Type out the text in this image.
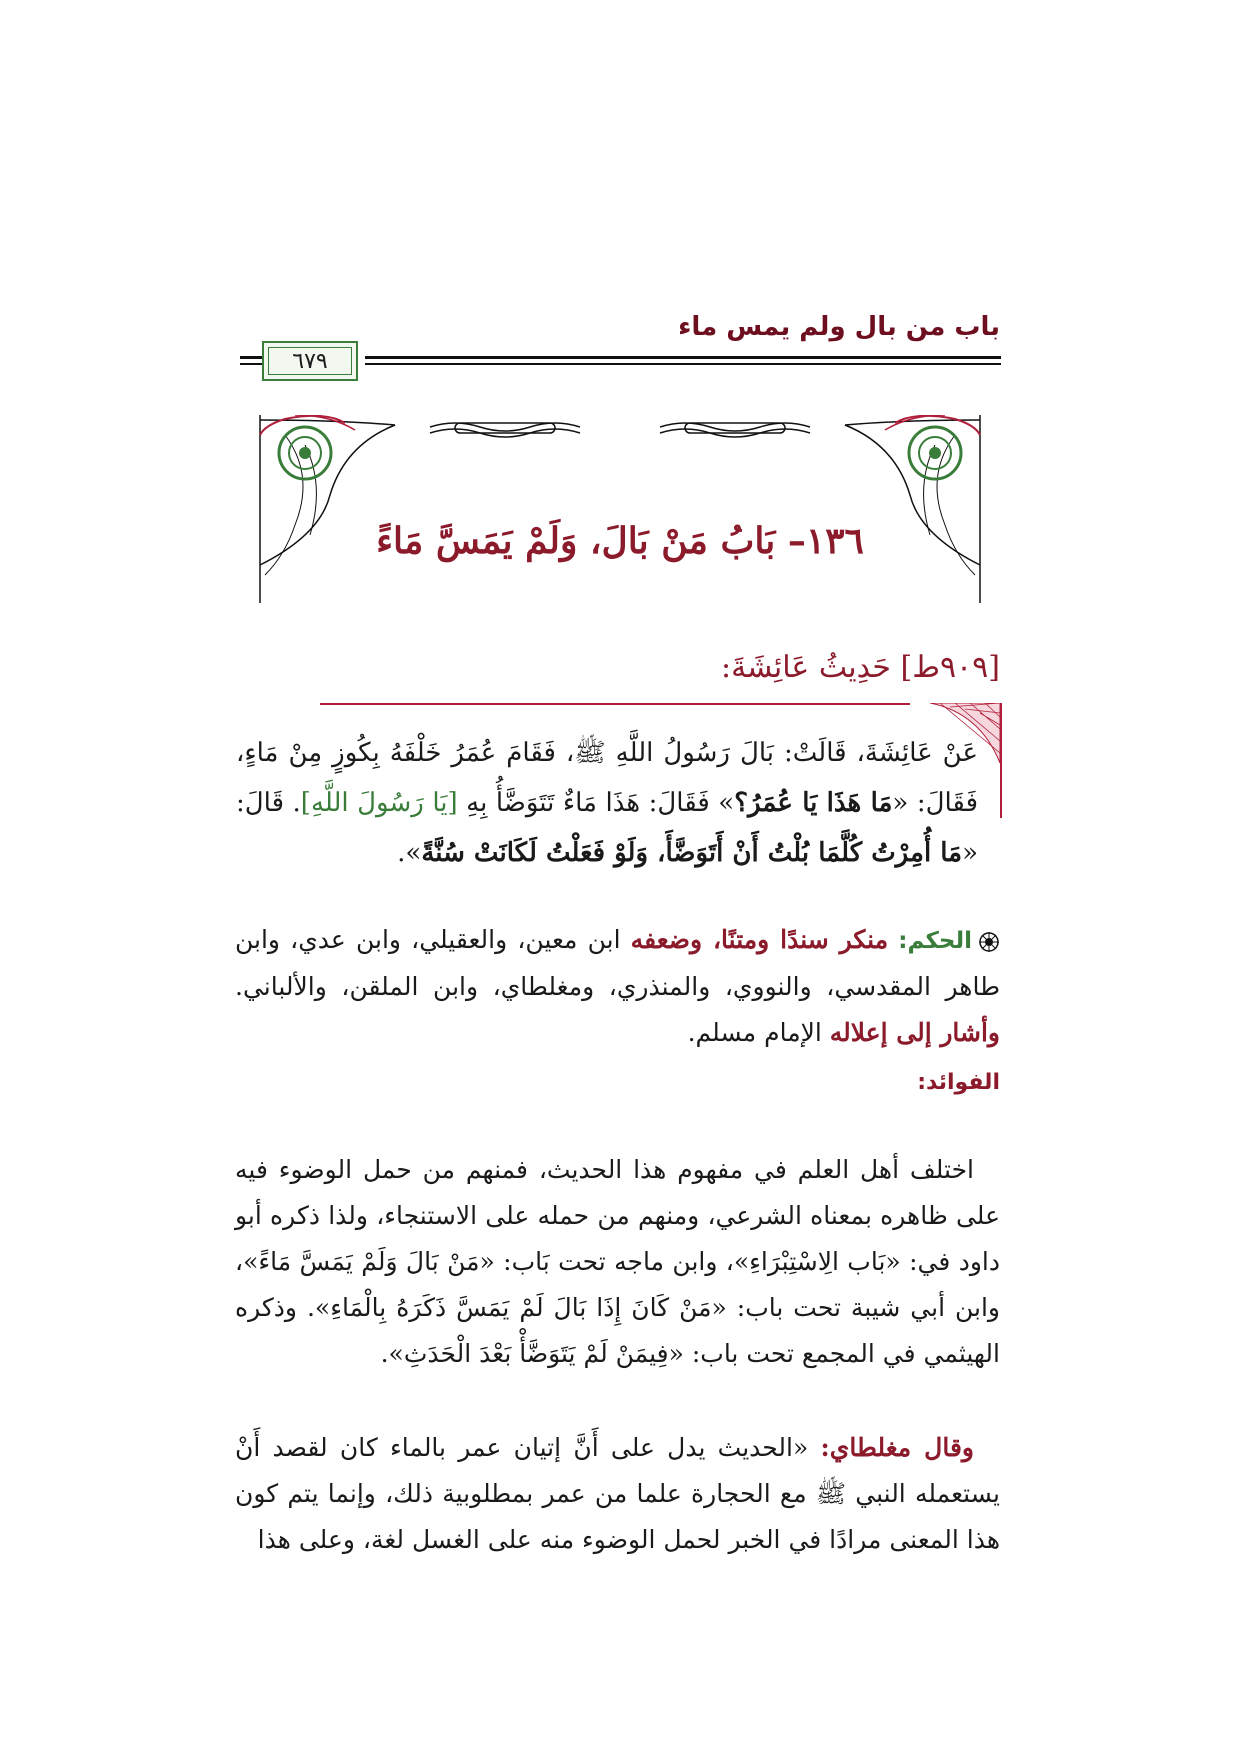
باب من بال ولم يمس ماء
٦٧٩
١٣٦– بَابُ مَنْ بَالَ، وَلَمْ يَمَسَّ مَاءً
[٩٠٩ط] حَدِيثُ عَائِشَةَ:
عَنْ عَائِشَةَ، قَالَتْ: بَالَ رَسُولُ اللَّهِ ﷺ، فَقَامَ عُمَرُ خَلْفَهُ بِكُوزٍ مِنْ مَاءٍ، فَقَالَ: «مَا هَذَا يَا عُمَرُ؟» فَقَالَ: هَذَا مَاءٌ تَتَوَضَّأُ بِهِ [يَا رَسُولَ اللَّهِ]. قَالَ: «مَا أُمِرْتُ كُلَّمَا بُلْتُ أَنْ أَتَوَضَّأَ، وَلَوْ فَعَلْتُ لَكَانَتْ سُنَّةً».
الحكم: منكر سندًا ومتنًا، وضعفه ابن معين، والعقيلي، وابن عدي، وابن طاهر المقدسي، والنووي، والمنذري، ومغلطاي، وابن الملقن، والألباني. وأشار إلى إعلاله الإمام مسلم.
الفوائد:
اختلف أهل العلم في مفهوم هذا الحديث، فمنهم من حمل الوضوء فيه على ظاهره بمعناه الشرعي، ومنهم من حمله على الاستنجاء، ولذا ذكره أبو داود في: «بَاب الِاسْتِبْرَاءِ»، وابن ماجه تحت بَاب: «مَنْ بَالَ وَلَمْ يَمَسَّ مَاءً»، وابن أبي شيبة تحت باب: «مَنْ كَانَ إِذَا بَالَ لَمْ يَمَسَّ ذَكَرَهُ بِالْمَاءِ». وذكره الهيثمي في المجمع تحت باب: «فِيمَنْ لَمْ يَتَوَضَّأْ بَعْدَ الْحَدَثِ».
وقال مغلطاي: «الحديث يدل على أَنَّ إتيان عمر بالماء كان لقصد أَنْ يستعمله النبي ﷺ مع الحجارة علما من عمر بمطلوبية ذلك، وإنما يتم كون هذا المعنى مرادًا في الخبر لحمل الوضوء منه على الغسل لغة، وعلى هذا
